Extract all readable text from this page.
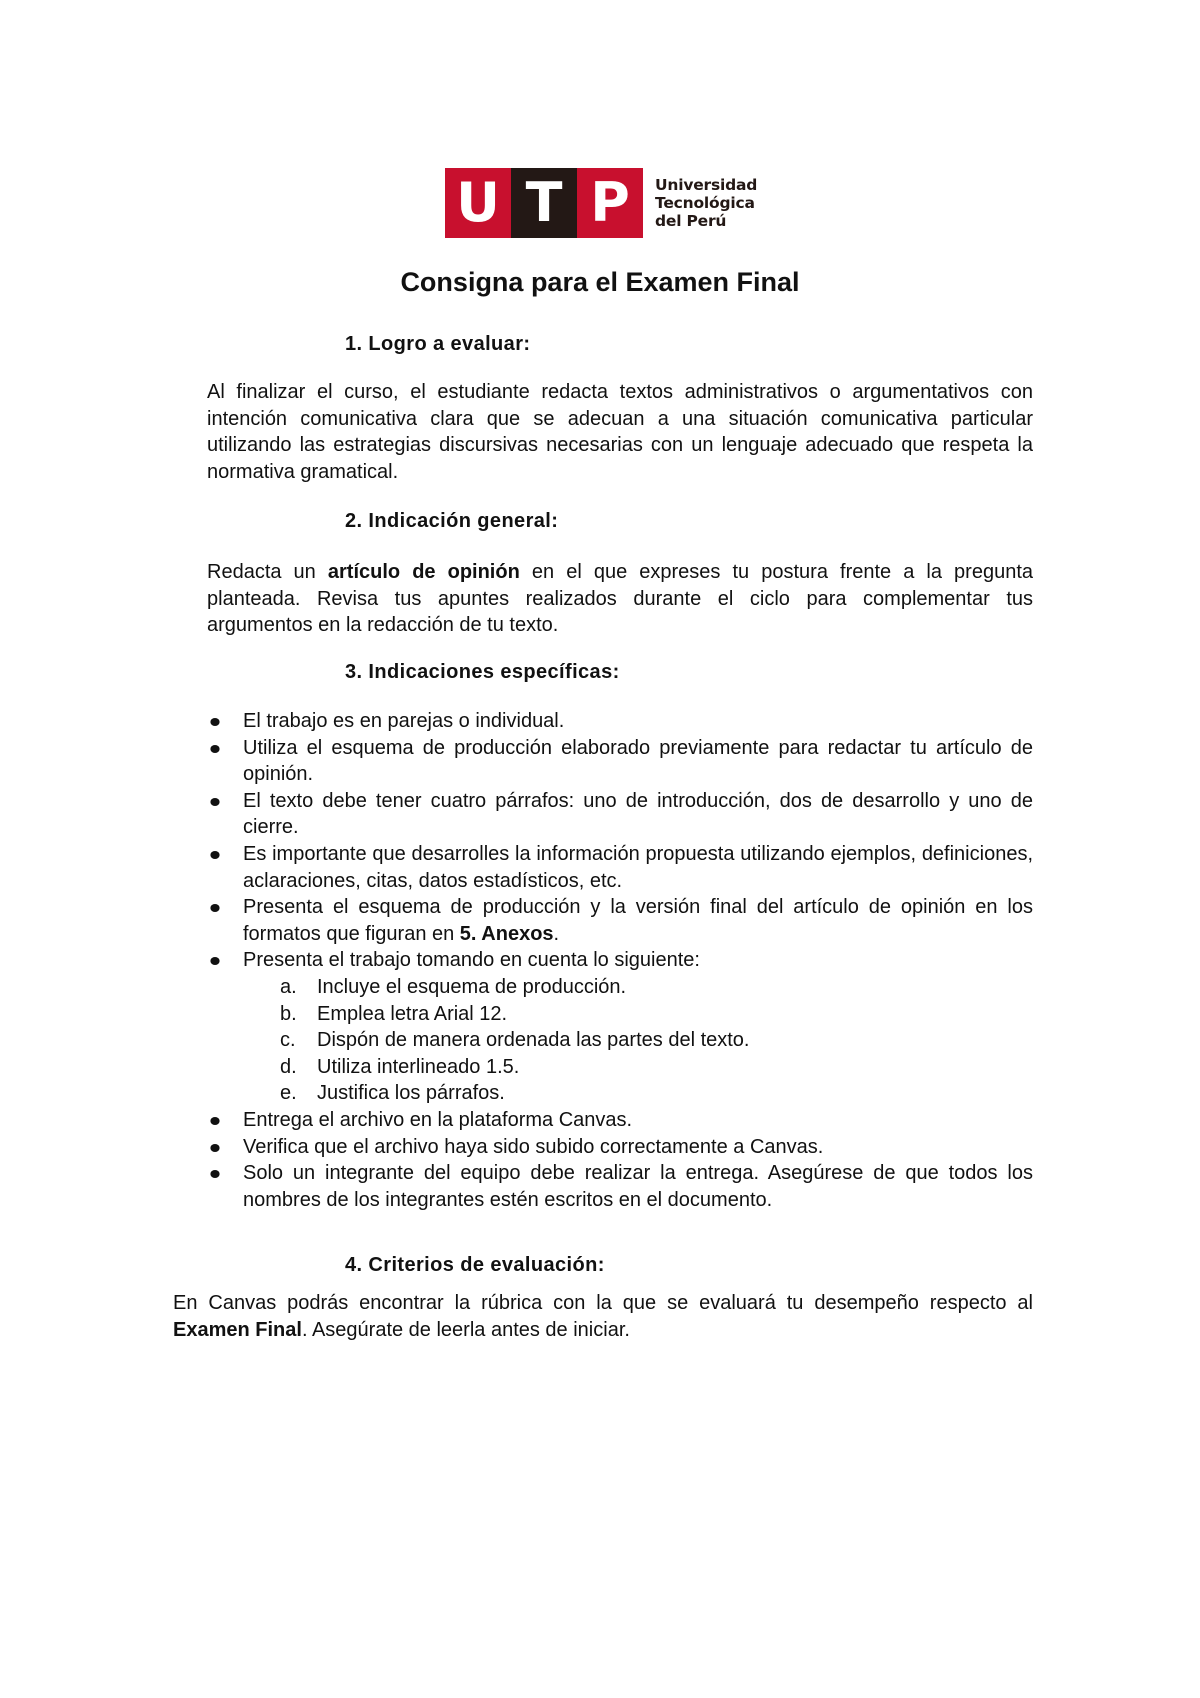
U T P	Universidad
Tecnológica
del Perú
Consigna para el Examen Final
1. Logro a evaluar:
Al finalizar el curso, el estudiante redacta textos administrativos o argumentativos con intención comunicativa clara que se adecuan a una situación comunicativa particular utilizando las estrategias discursivas necesarias con un lenguaje adecuado que respeta la normativa gramatical.
2. Indicación general:
Redacta un artículo de opinión en el que expreses tu postura frente a la pregunta planteada. Revisa tus apuntes realizados durante el ciclo para complementar tus argumentos en la redacción de tu texto.
3. Indicaciones específicas:
El trabajo es en parejas o individual.
Utiliza el esquema de producción elaborado previamente para redactar tu artículo de opinión.
El texto debe tener cuatro párrafos: uno de introducción, dos de desarrollo y uno de cierre.
Es importante que desarrolles la información propuesta utilizando ejemplos, definiciones, aclaraciones, citas, datos estadísticos, etc.
Presenta el esquema de producción y la versión final del artículo de opinión en los formatos que figuran en 5. Anexos.
Presenta el trabajo tomando en cuenta lo siguiente:
a.	Incluye el esquema de producción.
b.	Emplea letra Arial 12.
c.	Dispón de manera ordenada las partes del texto.
d.	Utiliza interlineado 1.5.
e.	Justifica los párrafos.
Entrega el archivo en la plataforma Canvas.
Verifica que el archivo haya sido subido correctamente a Canvas.
Solo un integrante del equipo debe realizar la entrega. Asegúrese de que todos los nombres de los integrantes estén escritos en el documento.
4. Criterios de evaluación:
En Canvas podrás encontrar la rúbrica con la que se evaluará tu desempeño respecto al Examen Final. Asegúrate de leerla antes de iniciar.
